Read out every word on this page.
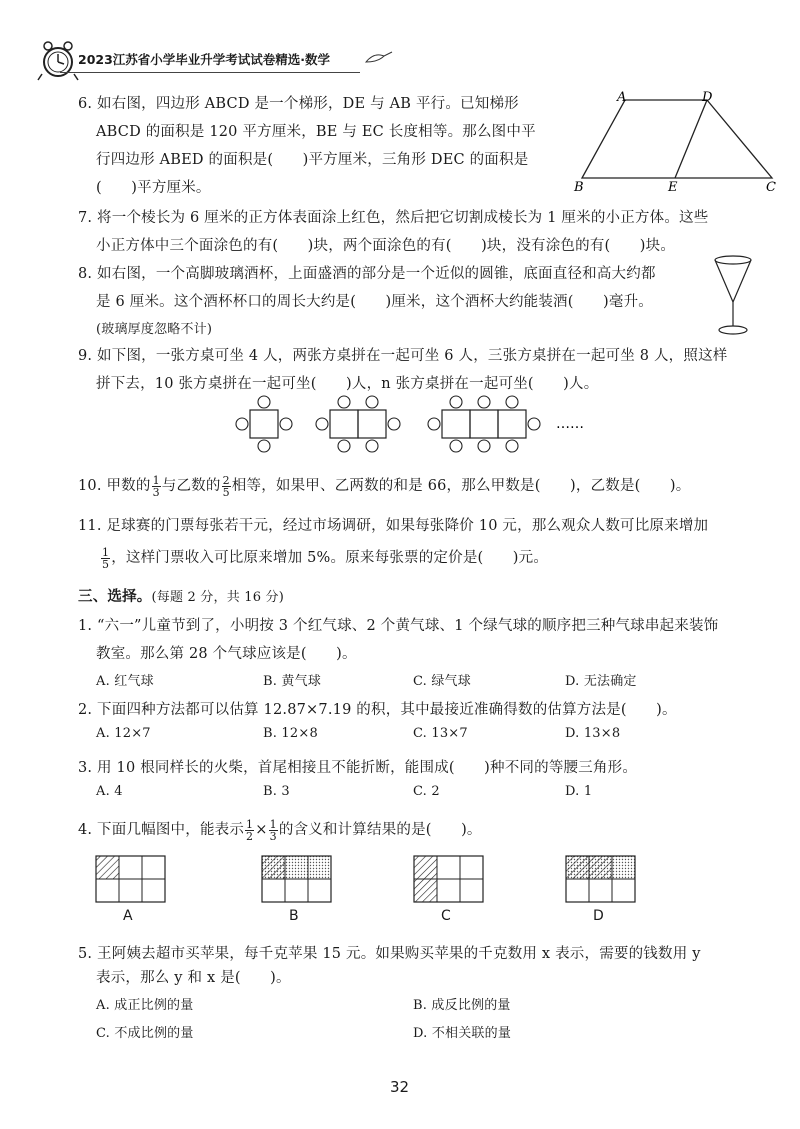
2023江苏省小学毕业升学考试试卷精选·数学
6. 如右图，四边形 ABCD 是一个梯形，DE 与 AB 平行。已知梯形
ABCD 的面积是 120 平方厘米，BE 与 EC 长度相等。那么图中平
行四边形 ABED 的面积是(　　)平方厘米，三角形 DEC 的面积是
(　　)平方厘米。
A	D
B	E	C
7. 将一个棱长为 6 厘米的正方体表面涂上红色，然后把它切割成棱长为 1 厘米的小正方体。这些
小正方体中三个面涂色的有(　　)块，两个面涂色的有(　　)块，没有涂色的有(　　)块。
8. 如右图，一个高脚玻璃酒杯，上面盛酒的部分是一个近似的圆锥，底面直径和高大约都
是 6 厘米。这个酒杯杯口的周长大约是(　　)厘米，这个酒杯大约能装酒(　　)毫升。
(玻璃厚度忽略不计)
9. 如下图，一张方桌可坐 4 人，两张方桌拼在一起可坐 6 人，三张方桌拼在一起可坐 8 人，照这样
拼下去，10 张方桌拼在一起可坐(　　)人，n 张方桌拼在一起可坐(　　)人。
……
10. 甲数的 $\frac{1}{3}$ 与乙数的 $\frac{2}{5}$ 相等，如果甲、乙两数的和是 66，那么甲数是(　　)，乙数是(　　)。
11. 足球赛的门票每张若干元，经过市场调研，如果每张降价 10 元，那么观众人数可比原来增加
$\frac{1}{5}$ ，这样门票收入可比原来增加 5%。原来每张票的定价是(　　)元。
三、选择。(每题 2 分，共 16 分)
1. “六一”儿童节到了，小明按 3 个红气球、2 个黄气球、1 个绿气球的顺序把三种气球串起来装饰
教室。那么第 28 个气球应该是(　　)。
A. 红气球	B. 黄气球	C. 绿气球	D. 无法确定
2. 下面四种方法都可以估算 12.87×7.19 的积，其中最接近准确得数的估算方法是(　　)。
A. 12×7	B. 12×8	C. 13×7	D. 13×8
3. 用 10 根同样长的火柴，首尾相接且不能折断，能围成(　　)种不同的等腰三角形。
A. 4	B. 3	C. 2	D. 1
4. 下面几幅图中，能表示 $\frac{1}{2} \times \frac{1}{3}$ 的含义和计算结果的是(　　)。
A	B	C	D
5. 王阿姨去超市买苹果，每千克苹果 15 元。如果购买苹果的千克数用 x 表示，需要的钱数用 y
表示，那么 y 和 x 是(　　)。
A. 成正比例的量	B. 成反比例的量
C. 不成比例的量	D. 不相关联的量
32
